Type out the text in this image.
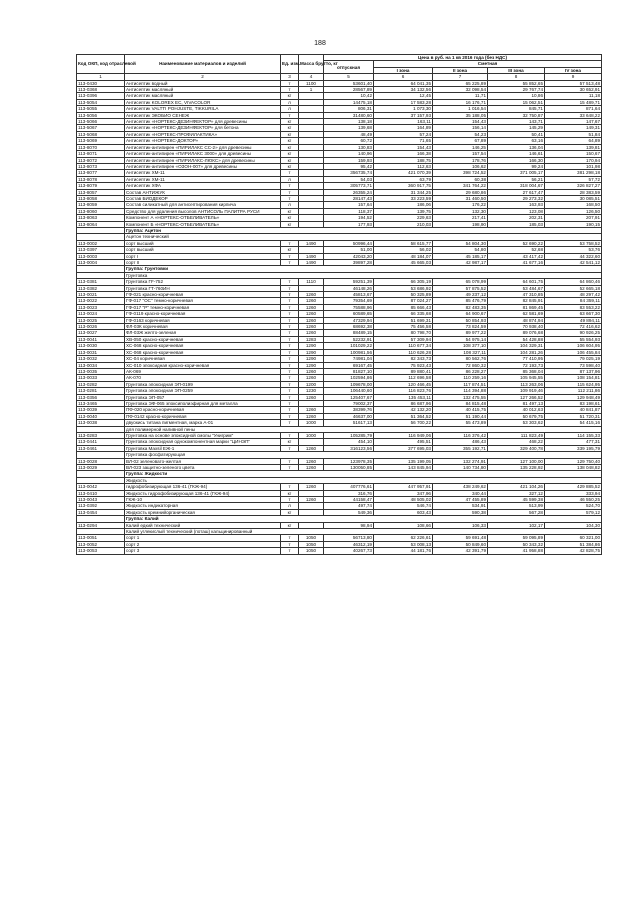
188
Код ОКП, код отраслевой	Наименование материалов и изделий	Ед. изм.	Масса брутто, кг	Цена в руб. на 1 кв 2016 года (без НДС)				
				отпускная	Сметная			
					I зона	II зона	III зона	IV зона
1	2	3	4	5	6	7	8	9
113-0430	Антисептик водный	т	1100	53601,40	64 041,35	65 225,89	55 852,65	57 513,48
113-0368	Антисептик масляный	т	1	28567,89	34 132,56	32 098,54	29 767,74	30 652,91
113-0396	Антисептик масляный	кг		10,42	12,45	11,71	10,86	11,18
113-5054	Антисептик KOLOREX EC, VIVACOLOR	л		14475,18	17 583,28	16 176,71	15 062,51	15 489,71
113-5055	Антисептик VALTTI POHJUSTE, TIKKURILA	л		806,31	1 073,30	1 016,54	845,71	871,64
113-5056	Антисептик ЭКОБИО СЕНЕЖ	т		31480,60	37 157,93	35 188,05	32 750,87	33 648,22
113-5066	Антисептик «НОРТЕКС-ДЕЗИНФЕКТОР» для древесины	кг		138,18	163,11	154,43	143,71	147,67
113-5067	Антисептик «НОРТЕКС-ДЕЗИНФЕКТОР» для бетона	кг		139,68	164,89	156,14	145,29	149,31
113-5068	Антисептик «НОРТЕКС-ПРОФИЛАКТИКА»	кг		48,49	57,24	54,23	50,41	51,84
113-5069	Антисептик «НОРТЕКС-ДОКТОР»	кг		60,72	71,65	67,89	63,16	64,89
113-8070	Антисептик-антипирен «ПИРИЛАКС СС-2» для древесины	кг		130,83	154,43	146,25	136,04	139,81
113-8071	Антисептик-антипирен «ПИРИЛАКС 3000» для древесины	кг		140,96	166,38	157,54	146,61	150,67
113-8072	Антисептик-антипирен «ПИРИЛАКС-ЛЮКС» для древесины	кг		159,93	188,75	178,76	166,30	170,94
113-8073	Антисептик-антипирен «ОЗОН-007» для древесины	кг		95,42	112,63	106,62	99,24	101,98
113-8077	Антисептик ХМ-11	т		356735,74	421 070,39	398 724,52	371 005,17	381 298,18
113-8078	Антисептик ХМ-11	л		54,03	63,79	60,38	56,21	57,72
113-8079	Антисептик ХФА	т		305773,71	360 917,75	341 764,22	318 004,67	326 827,27
113-8057	Состав АНТИЖУК	т		26355,24	31 344,25	29 680,86	27 617,47	28 383,59
113-8058	Состав БИОДЕКОР	т		28147,43	33 223,59	31 460,50	29 273,32	30 085,51
113-8059	Состав силикатный для антисептирования кирпича	л		157,64	186,06	176,22	163,93	168,50
113-8060	Средство для удаления высолов АНТИСОЛЬ ПАЛИТРА РУСИ	кг		118,37	139,75	132,30	123,08	126,50
113-8063	Компонент А «НОРТЕКС-ОТБЕЛИВАТЕЛЬ»	кг		194,52	229,63	217,41	202,31	207,91
113-8064	Компонент Б «НОРТЕКС-ОТБЕЛИВАТЕЛЬ»	кг		177,93	210,03	198,90	185,03	190,15
	Группа: Ацетон							
	Ацетон технический							
113-0002	сорт высший	т	1490	50996,44	58 615,77	54 804,30	52 690,22	53 758,52
113-0397	сорт высший	кг		51,00	56,02	54,80	52,68	53,76
113-0003	сорт I	т	1490	42043,20	48 184,07	45 185,17	43 417,42	44 322,60
113-0004	сорт II	т	1490	39897,28	45 665,03	42 987,17	41 677,16	42 541,12
	Группа: Грунтовки							
	Грунтовка							
113-0381	Грунтовка ГF-752	т	1110	59251,39	66 305,19	65 078,99	64 601,75	64 860,46
113-0382	Грунтовка ГТ-760ИН	т		46148,26	53 686,92	57 875,52	53 484,67	52 665,18
113-0021	ГФ-021 красно-коричневая	т	1260	45813,67	50 325,89	49 237,12	47 310,85	48 297,42
113-0022	ГФ-017 "ОС" темно-коричневая	т	1260	79354,69	87 024,27	85 476,79	82 845,91	84 359,11
113-0023	ГФ-017 "Р" темно-коричневая	т	1260	75588,96	85 666,43	82 483,35	81 869,45	83 553,22
113-0024	ГФ-0119 красно-коричневая	т	1260	60589,65	66 335,68	64 900,67	62 581,69	63 667,30
113-0025	ГФ-0163 коричневая	т	1260	47329,94	51 699,31	50 854,93	48 874,94	49 894,11
113-0026	ФЛ-03К коричневая	т	1260	68692,38	75 456,58	73 824,59	70 938,40	72 416,62
113-0027	ФЛ-03Ж желто-зеленая	т	1260	88489,15	80 798,70	89 977,22	89 076,68	90 926,25
113-0041	ХВ-050 красно-коричневая	т	1283	52232,91	57 309,94	54 975,14	54 428,88	55 554,93
113-0030	ХС-068 красно-коричневая	т	1290	101029,22	110 677,34	108 377,10	104 329,31	106 604,95
113-0031	ХС-068 красно-коричневая	т	1290	100981,56	110 626,28	108 327,11	104 281,26	106 455,84
113-0032	ХС-04 коричневая	т	1290	74981,04	82 343,73	80 562,76	77 410,95	79 025,19
113-0034	ХС-010 эпоксидная красно-коричневая	т	1290	69167,45	75 923,43	72 860,32	72 193,73	73 598,40
113-0035	АК-069	т	1260	81827,10	89 880,41	86 228,27	85 368,04	87 137,96
113-0033	АК-070	т	1260	102594,86	112 696,58	110 259,16	105 945,55	108 154,81
113-0282	Грунтовка эпоксидная ЭП-0199	т	1200	109678,00	120 466,45	117 874,51	113 263,06	115 624,95
113-0281	Грунтовка эпоксидная ЭП-0259	т	1230	106440,60	116 823,76	114 394,88	109 919,46	112 211,86
113-0356	Грунтовка ЭП-057	т	1260	125407,67	135 453,11	132 475,55	127 266,52	129 948,49
113-3465	Грунтовка ЭФ-065 эпоксиполиэфирная для металла	т		79002,37	86 687,96	84 815,48	81 497,13	83 198,61
113-0039	ПФ-020 красно-коричневая	т	1260	38399,76	42 132,20	40 415,75	40 012,63	40 841,87
113-0040	ПФ-0142 красно-коричневая	т	1260	46637,00	51 364,52	51 190,44	50 679,75	51 720,31
113-0038	двуокись титана пигментная, марка А-01	т	1000	51617,13	56 700,22	55 473,89	53 303,62	54 415,16
	для полимерной наливной пены							
113-0283	Грунтовка на основе эпоксидной смолы "Унигрим"	т	1000	105285,79	116 949,06	116 376,42	111 823,49	114 155,33
113-0441	Грунтовка эпоксидная однокомпонентная марки "ЦИНЭП"	кг		454,10	495,51	486,43	468,22	477,31
113-0461	Грунтовка Маxsil ЕЖ-1	т	1260	316123,56	377 695,03	355 192,71	329 400,78	339 195,79
	Грунтовка фосфатирующая							
113-0028	ВЛ-02 зеленовато-желтая	т	1260	123978,35	135 199,05	132 274,91	127 100,00	129 750,40
113-0029	ВЛ-023 защитно-зеленого цвета	т	1260	130050,85	143 845,94	140 734,80	135 228,92	138 048,82
	Группа: Жидкости							
	Жидкость							
113-0042	гидрофобизирующая 136-41 (ГКЖ-94)	т	1260	407776,61	447 957,91	438 249,62	421 104,26	429 885,52
113-0410	Жидкость гидрофобизирующая 136-41 (ГКЖ-94)	кг		316,76	347,96	340,44	327,12	333,94
113-0043	ГКЖ-10	т	1260	44158,47	48 505,02	47 455,89	45 599,38	46 550,25
113-0392	Жидкость индикаторная	л		497,74	546,74	534,91	513,99	524,70
113-0454	Жидкость кремнийорганическая	кг		549,36	603,43	590,38	567,28	579,12
	Группа: Калий							
113-0294	Калий едкий технический	кг		98,94	108,66	106,33	102,17	104,30
	Калий углекислый технический (поташ) кальцинированный							
113-0051	сорт 1	т	1050	56713,80	62 226,61	59 691,48	59 095,89	60 321,00
113-0052	сорт 2	т	1050	46312,19	53 008,13	50 849,60	50 343,32	51 384,86
113-0053	сорт 3	т	1050	40267,73	44 181,76	42 391,79	41 958,88	42 828,75
